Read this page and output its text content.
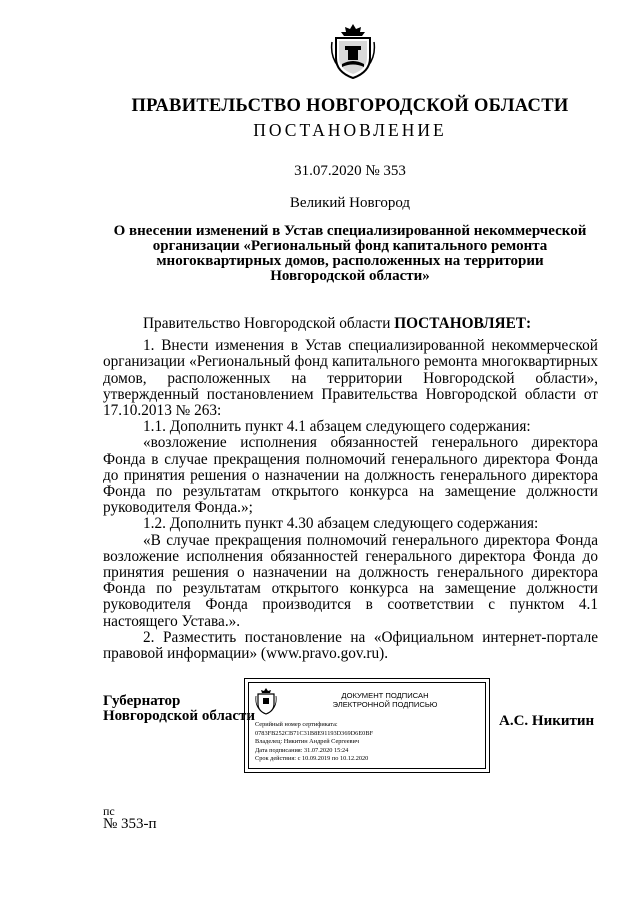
ПРАВИТЕЛЬСТВО НОВГОРОДСКОЙ ОБЛАСТИ
ПОСТАНОВЛЕНИЕ
31.07.2020 № 353
Великий Новгород
О внесении изменений в Устав специализированной некоммерческой организации «Региональный фонд капитального ремонта многоквартирных домов, расположенных на территории Новгородской области»

Правительство Новгородской области ПОСТАНОВЛЯЕТ:

1. Внести изменения в Устав специализированной некоммерческой организации «Региональный фонд капитального ремонта многоквартирных домов, расположенных на территории Новгородской области», утвержденный постановлением Правительства Новгородской области от 17.10.2013 № 263:

1.1. Дополнить пункт 4.1 абзацем следующего содержания:

«возложение исполнения обязанностей генерального директора Фонда в случае прекращения полномочий генерального директора Фонда до принятия решения о назначении на должность генерального директора Фонда по результатам открытого конкурса на замещение должности руководителя Фонда.»;

1.2. Дополнить пункт 4.30 абзацем следующего содержания:

«В случае прекращения полномочий генерального директора Фонда возложение исполнения обязанностей генерального директора Фонда до принятия решения о назначении на должность генерального директора Фонда по результатам открытого конкурса на замещение должности руководителя Фонда производится в соответствии с пунктом 4.1 настоящего Устава.».

2. Разместить постановление на «Официальном интернет-портале правовой информации» (www.pravo.gov.ru).

Губернатор
Новгородской области
ДОКУМЕНТ ПОДПИСАН
ЭЛЕКТРОННОЙ ПОДПИСЬЮ
Серийный номер сертификата:
0783FB252CB71C31B8E91193D369D6E0BF
Владелец: Никитин Андрей Сергеевич
Дата подписания: 31.07.2020 15:24
Срок действия: с 10.09.2019 по 10.12.2020
А.С. Никитин
пс
№ 353-п
